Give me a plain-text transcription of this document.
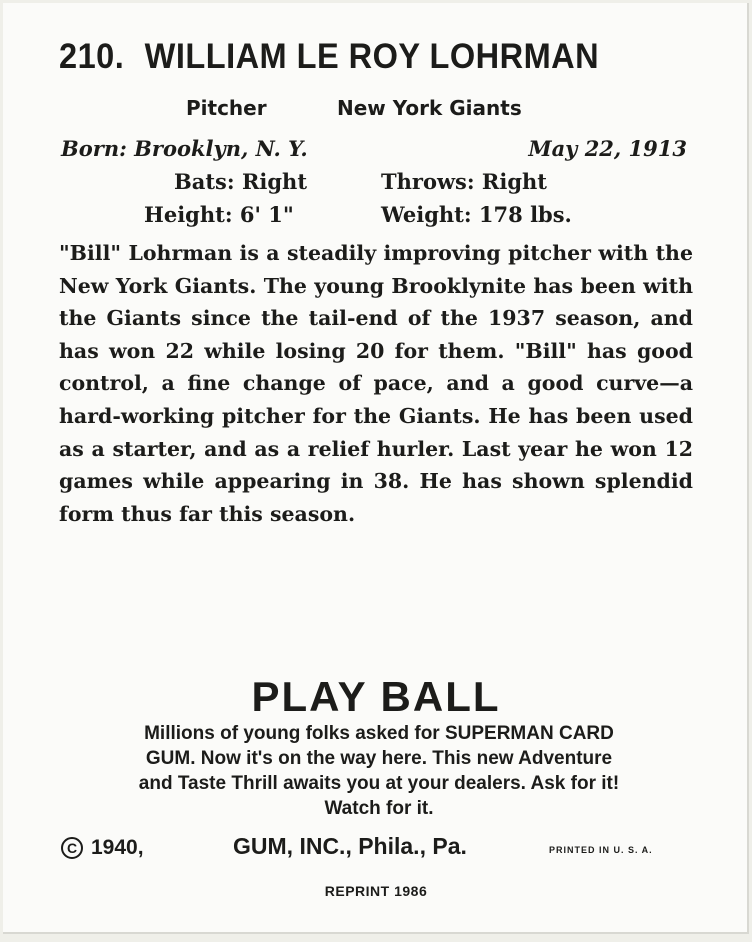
210. WILLIAM LE ROY LOHRMAN
Pitcher	New York Giants
Born: Brooklyn, N. Y.	May 22, 1913
Bats: Right	Throws: Right
Height: 6' 1"	Weight: 178 lbs.
"Bill" Lohrman is a steadily improving pitcher with the New York Giants. The young Brooklynite has been with the Giants since the tail-end of the 1937 season, and has won 22 while losing 20 for them. "Bill" has good control, a fine change of pace, and a good curve—a hard-working pitcher for the Giants. He has been used as a starter, and as a relief hurler. Last year he won 12 games while appearing in 38. He has shown splendid form thus far this season.
PLAY BALL
Millions of young folks asked for SUPERMAN CARD
GUM. Now it's on the way here. This new Adventure
and Taste Thrill awaits you at your dealers. Ask for it!
Watch for it.
C 1940,	GUM, INC., Phila., Pa.	PRINTED IN U. S. A.
REPRINT 1986
